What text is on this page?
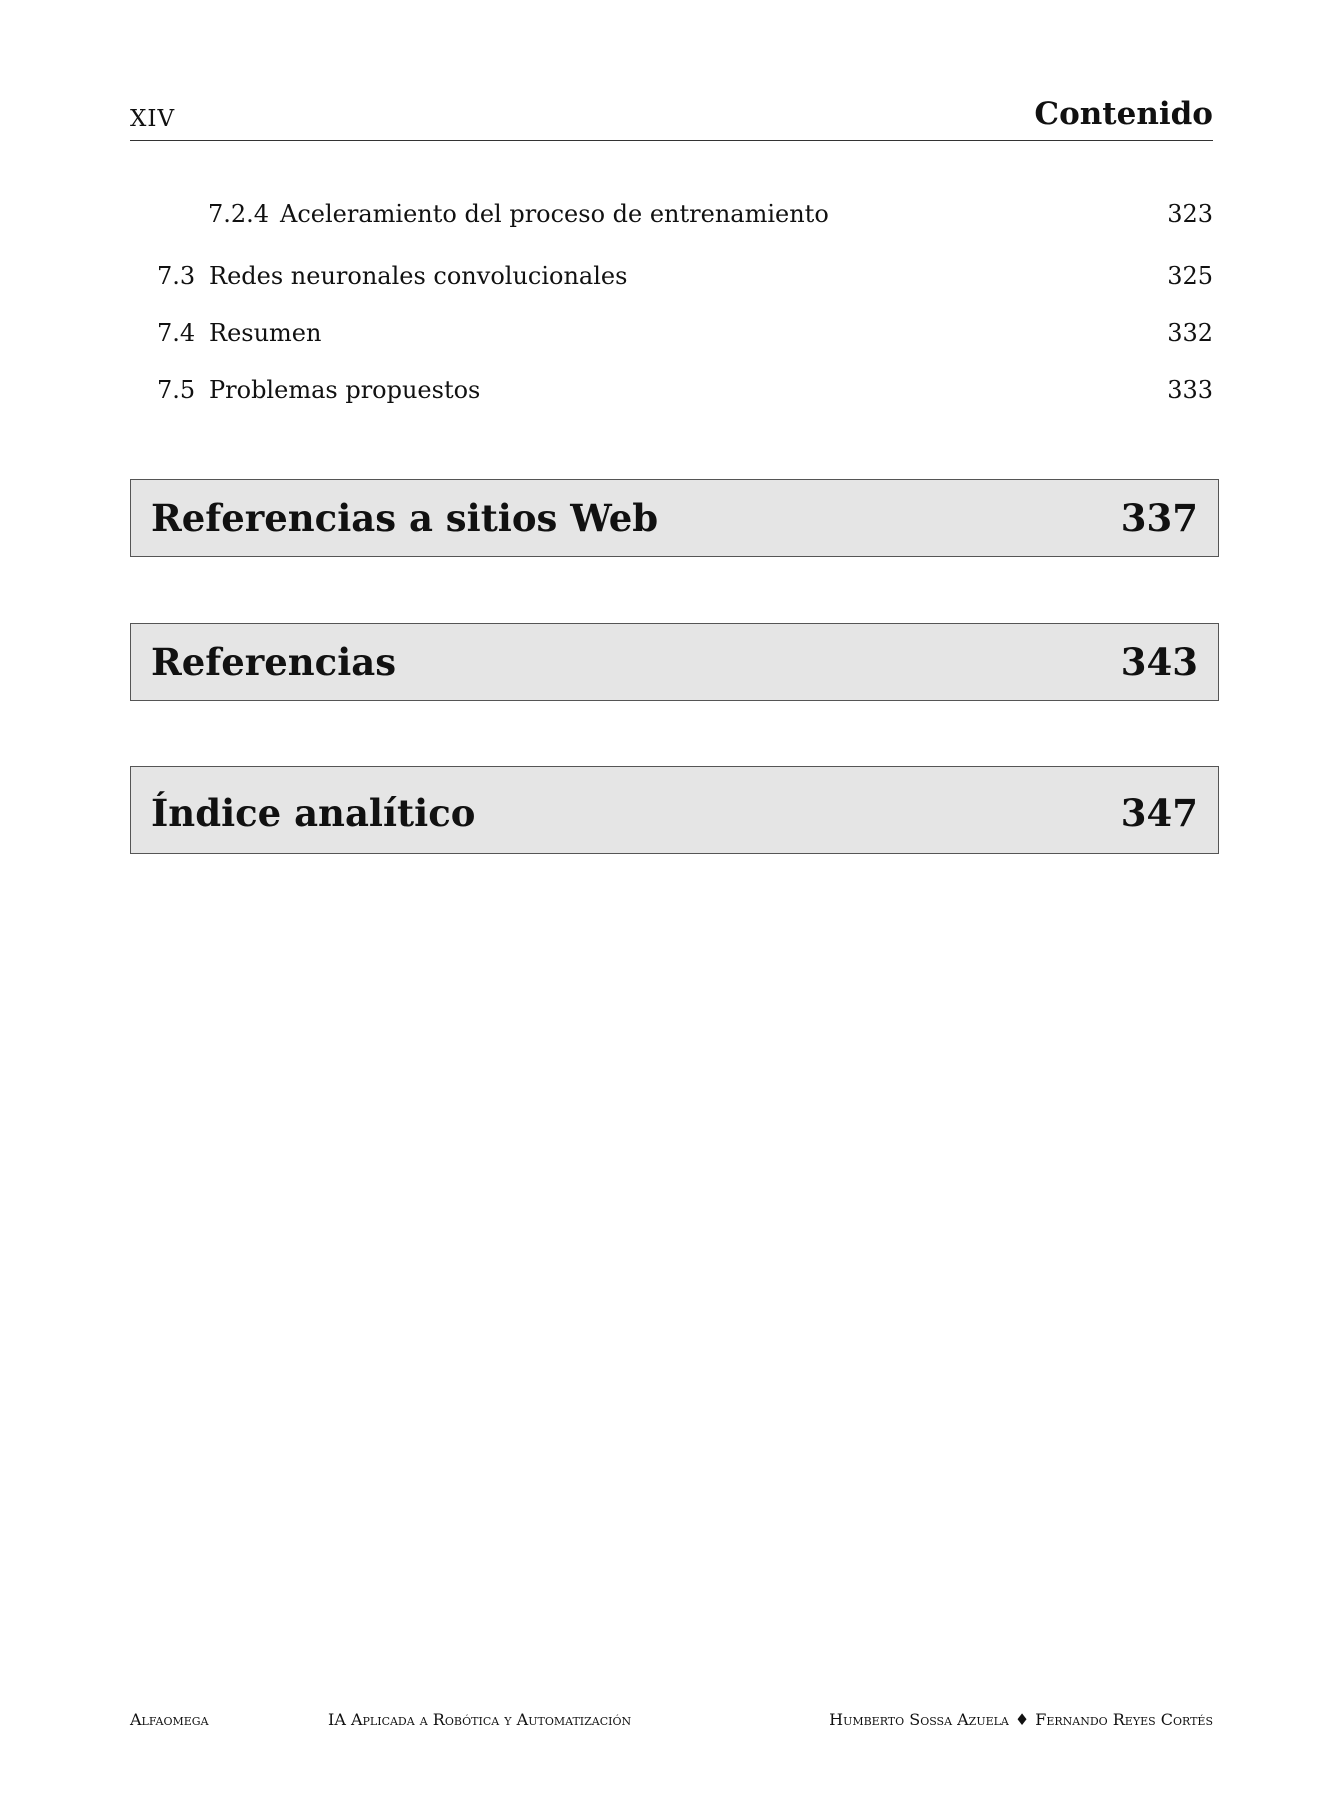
XIV	Contenido
7.2.4 Aceleramiento del proceso de entrenamiento	323
7.3 Redes neuronales convolucionales	325
7.4 Resumen	332
7.5 Problemas propuestos	333
Referencias a sitios Web	337
Referencias	343
Índice analítico	347
Alfaomega	IA Aplicada a Robótica y Automatización	Humberto Sossa Azuela ♦ Fernando Reyes Cortés
